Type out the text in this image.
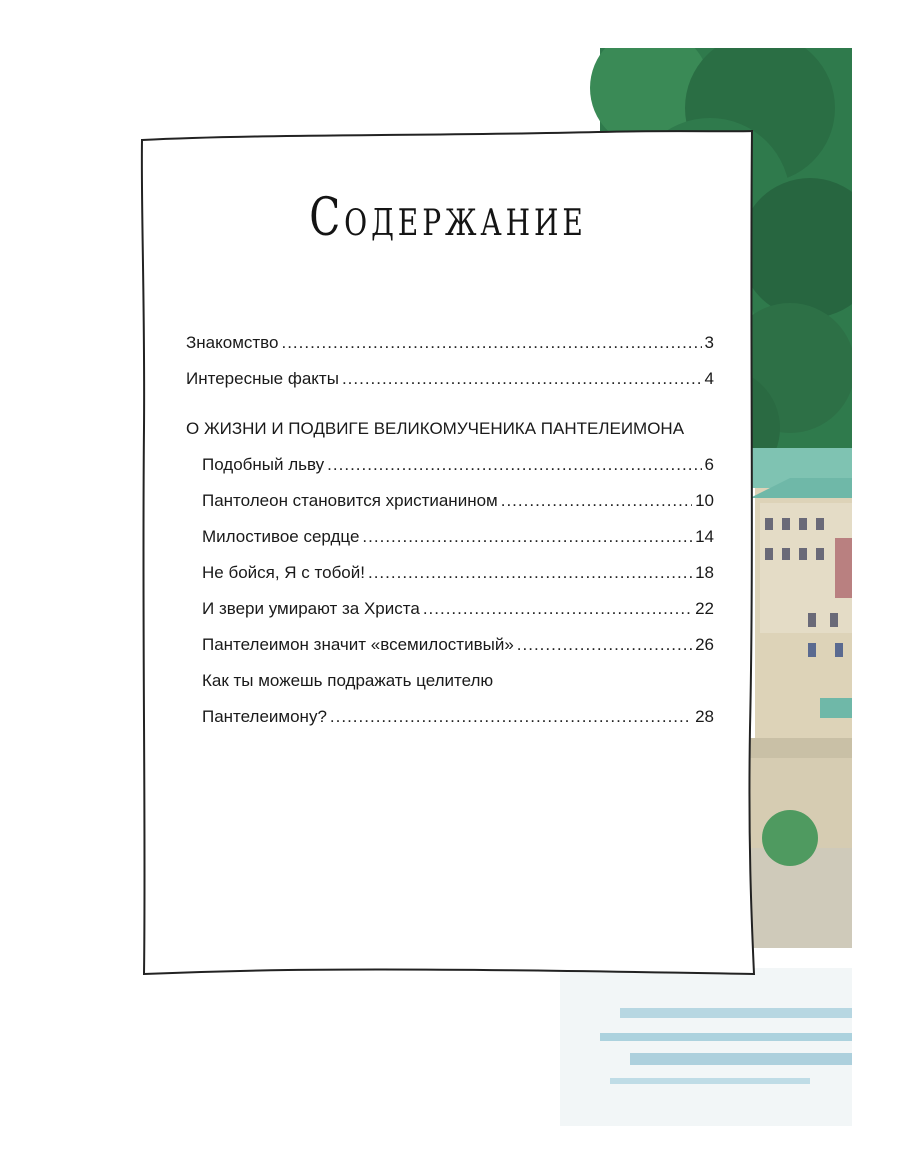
Содержание
Знакомство .....	3
Интересные факты .....	4
О ЖИЗНИ И ПОДВИГЕ ВЕЛИКОМУЧЕНИКА ПАНТЕЛЕИМОНА
Подобный льву .....	6
Пантолеон становится христианином .....	10
Милостивое сердце .....	14
Не бойся, Я с тобой! .....	18
И звери умирают за Христа .....	22
Пантелеимон значит «всемилостивый» .....	26
Как ты можешь подражать целителю
Пантелеимону? .....	28
